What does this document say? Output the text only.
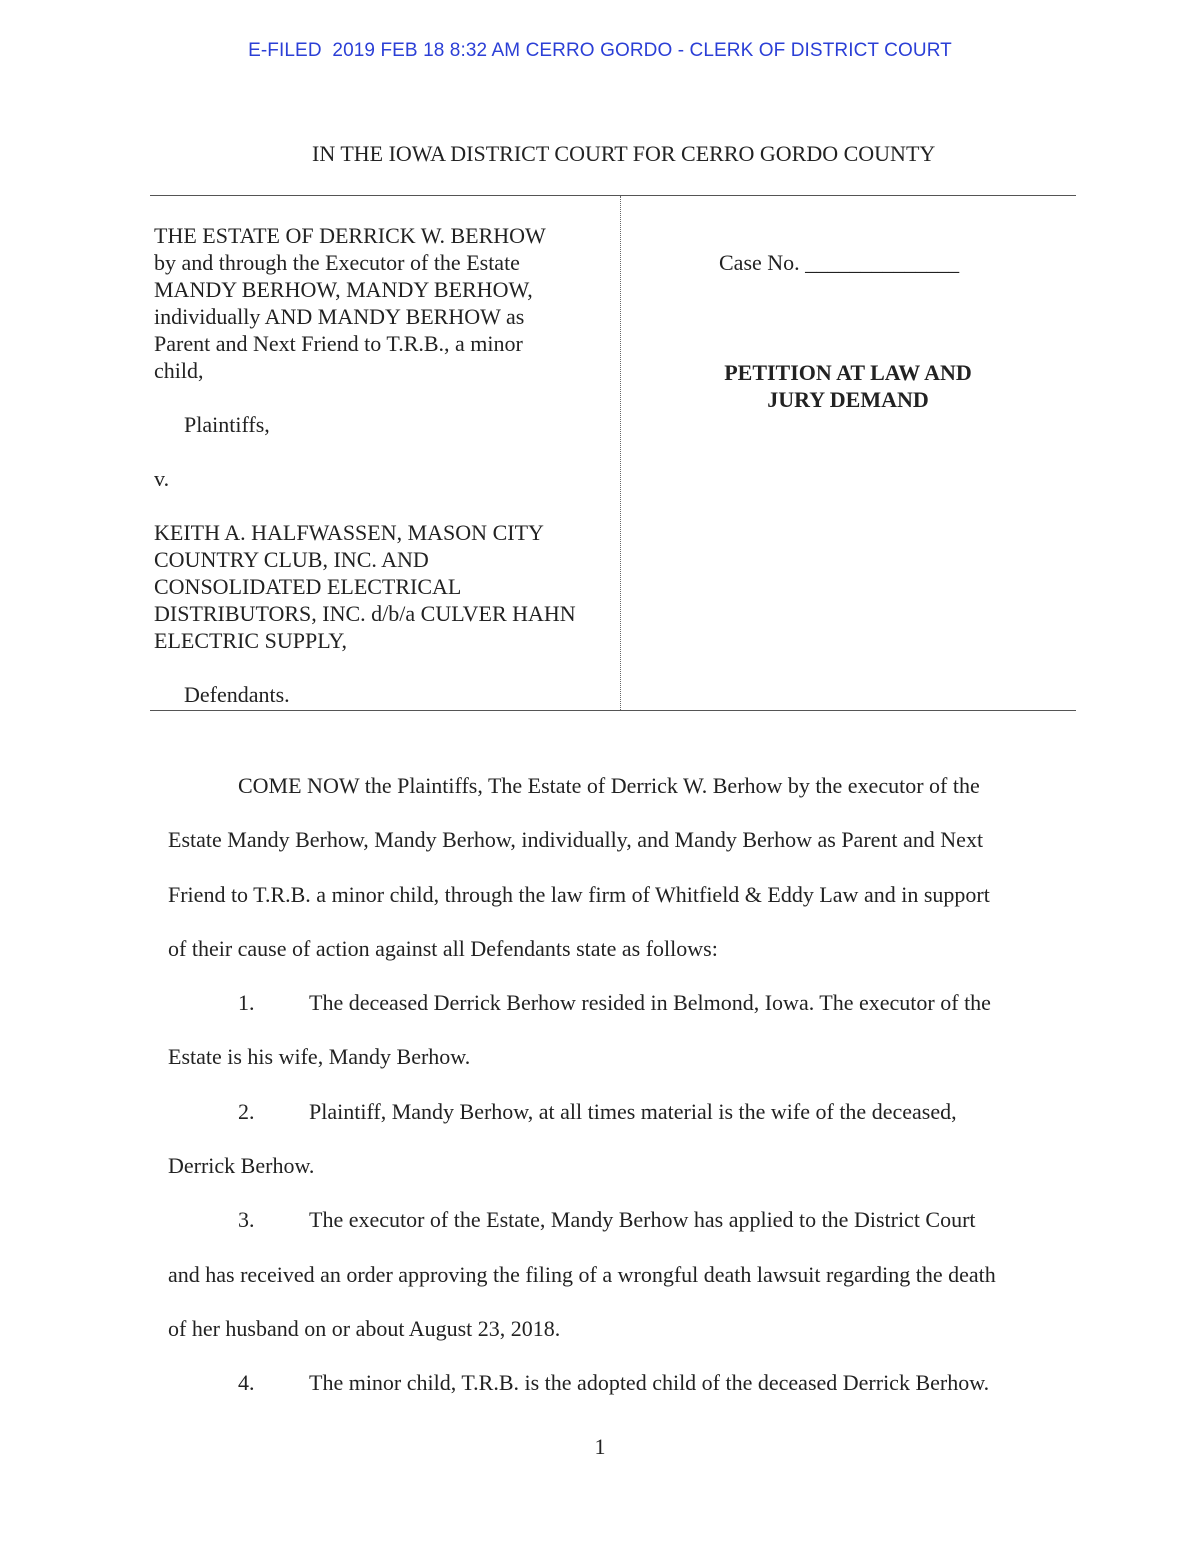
E-FILED  2019 FEB 18 8:32 AM CERRO GORDO - CLERK OF DISTRICT COURT
IN THE IOWA DISTRICT COURT FOR CERRO GORDO COUNTY

THE ESTATE OF DERRICK W. BERHOW

by and through the Executor of the Estate

MANDY BERHOW, MANDY BERHOW,

individually AND MANDY BERHOW as

Parent and Next Friend to T.R.B., a minor

child,

Plaintiffs,

v.

KEITH A. HALFWASSEN, MASON CITY

COUNTRY CLUB, INC. AND

CONSOLIDATED ELECTRICAL

DISTRIBUTORS, INC. d/b/a CULVER HAHN

ELECTRIC SUPPLY,

Defendants.

Case No. ______________

PETITION AT LAW AND

JURY DEMAND

COME NOW the Plaintiffs, The Estate of Derrick W. Berhow by the executor of the

Estate Mandy Berhow, Mandy Berhow, individually, and Mandy Berhow as Parent and Next

Friend to T.R.B. a minor child, through the law firm of Whitfield & Eddy Law and in support

of their cause of action against all Defendants state as follows:

1. The deceased Derrick Berhow resided in Belmond, Iowa. The executor of the

Estate is his wife, Mandy Berhow.

2. Plaintiff, Mandy Berhow, at all times material is the wife of the deceased,

Derrick Berhow.

3. The executor of the Estate, Mandy Berhow has applied to the District Court

and has received an order approving the filing of a wrongful death lawsuit regarding the death

of her husband on or about August 23, 2018.

4. The minor child, T.R.B. is the adopted child of the deceased Derrick Berhow.

1
